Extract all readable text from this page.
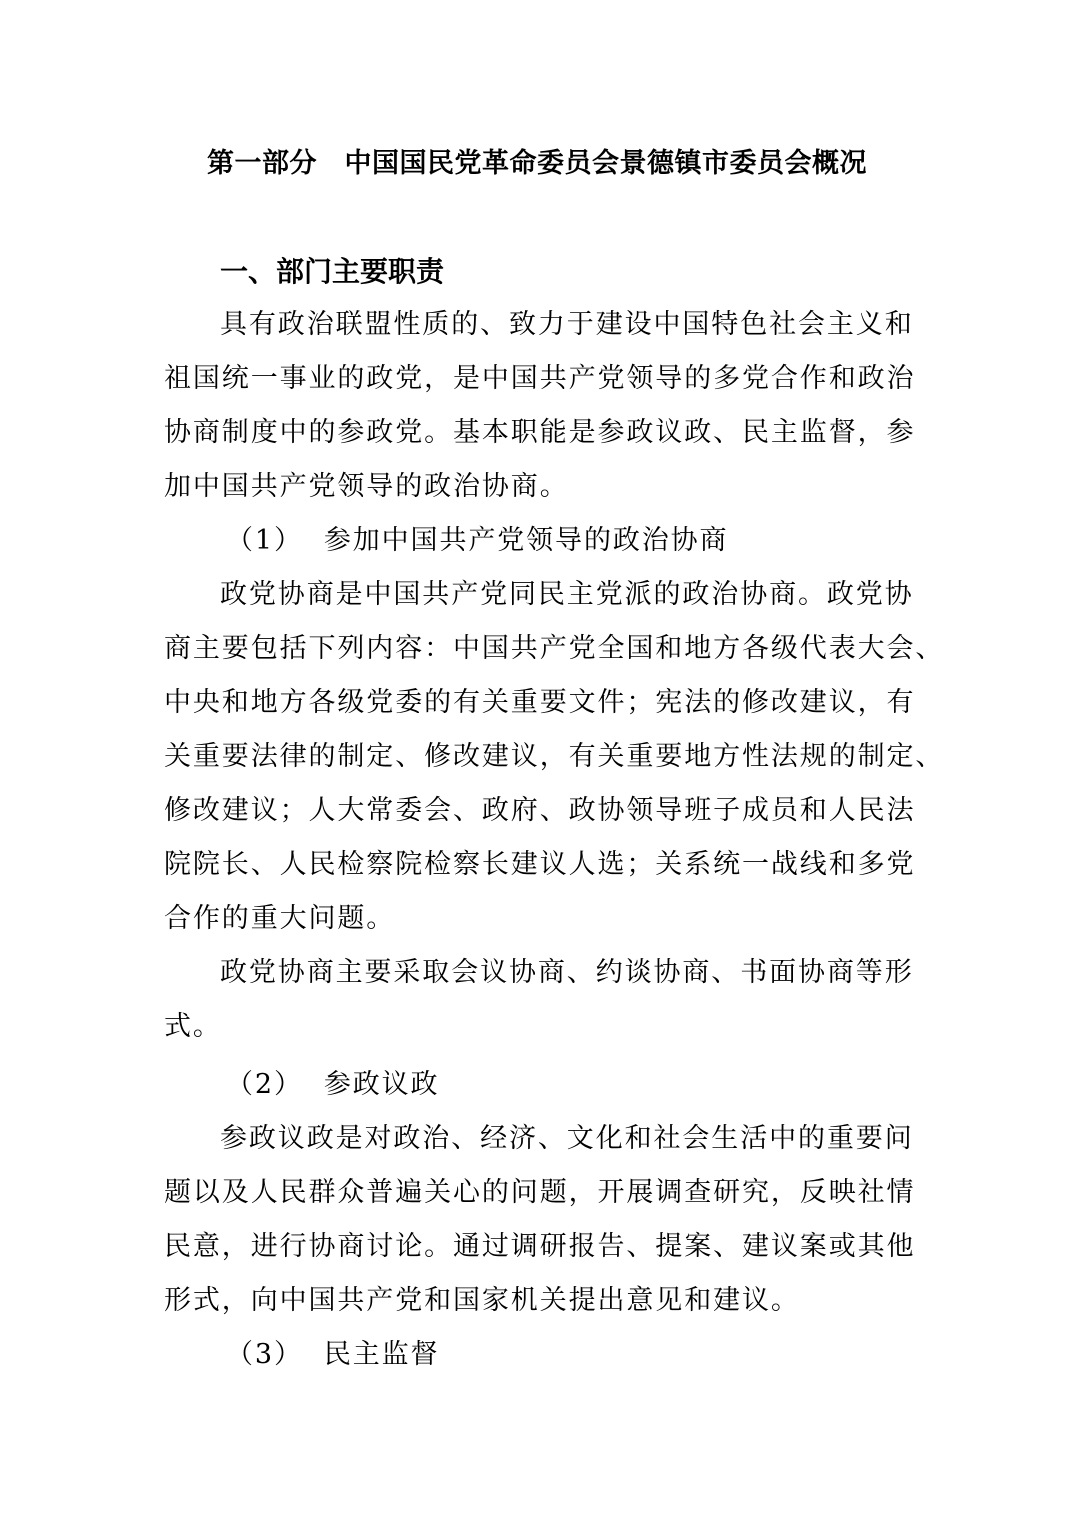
第一部分　中国国民党革命委员会景德镇市委员会概况
一、部门主要职责
具有政治联盟性质的、致力于建设中国特色社会主义和
祖国统一事业的政党，是中国共产党领导的多党合作和政治
协商制度中的参政党。基本职能是参政议政、民主监督，参
加中国共产党领导的政治协商。
（1）  参加中国共产党领导的政治协商
政党协商是中国共产党同民主党派的政治协商。政党协
商主要包括下列内容：中国共产党全国和地方各级代表大会、
中央和地方各级党委的有关重要文件；宪法的修改建议，有
关重要法律的制定、修改建议，有关重要地方性法规的制定、
修改建议；人大常委会、政府、政协领导班子成员和人民法
院院长、人民检察院检察长建议人选；关系统一战线和多党
合作的重大问题。
政党协商主要采取会议协商、约谈协商、书面协商等形
式。
（2）  参政议政
参政议政是对政治、经济、文化和社会生活中的重要问
题以及人民群众普遍关心的问题，开展调查研究，反映社情
民意，进行协商讨论。通过调研报告、提案、建议案或其他
形式，向中国共产党和国家机关提出意见和建议。
（3）  民主监督
